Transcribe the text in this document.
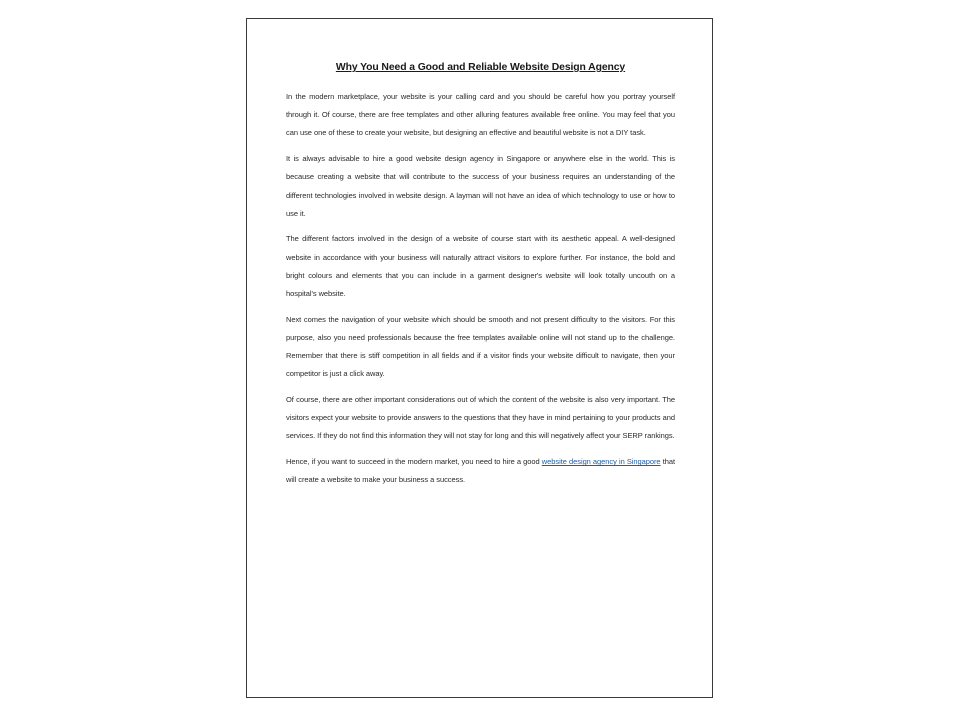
Why You Need a Good and Reliable Website Design Agency

In the modern marketplace, your website is your calling card and you should be careful how you portray yourself through it. Of course, there are free templates and other alluring features available free online. You may feel that you can use one of these to create your website, but designing an effective and beautiful website is not a DIY task.

It is always advisable to hire a good website design agency in Singapore or anywhere else in the world. This is because creating a website that will contribute to the success of your business requires an understanding of the different technologies involved in website design. A layman will not have an idea of which technology to use or how to use it.

The different factors involved in the design of a website of course start with its aesthetic appeal. A well-designed website in accordance with your business will naturally attract visitors to explore further. For instance, the bold and bright colours and elements that you can include in a garment designer's website will look totally uncouth on a hospital's website.

Next comes the navigation of your website which should be smooth and not present difficulty to the visitors. For this purpose, also you need professionals because the free templates available online will not stand up to the challenge. Remember that there is stiff competition in all fields and if a visitor finds your website difficult to navigate, then your competitor is just a click away.

Of course, there are other important considerations out of which the content of the website is also very important. The visitors expect your website to provide answers to the questions that they have in mind pertaining to your products and services. If they do not find this information they will not stay for long and this will negatively affect your SERP rankings.

Hence, if you want to succeed in the modern market, you need to hire a good website design agency in Singapore that will create a website to make your business a success.
